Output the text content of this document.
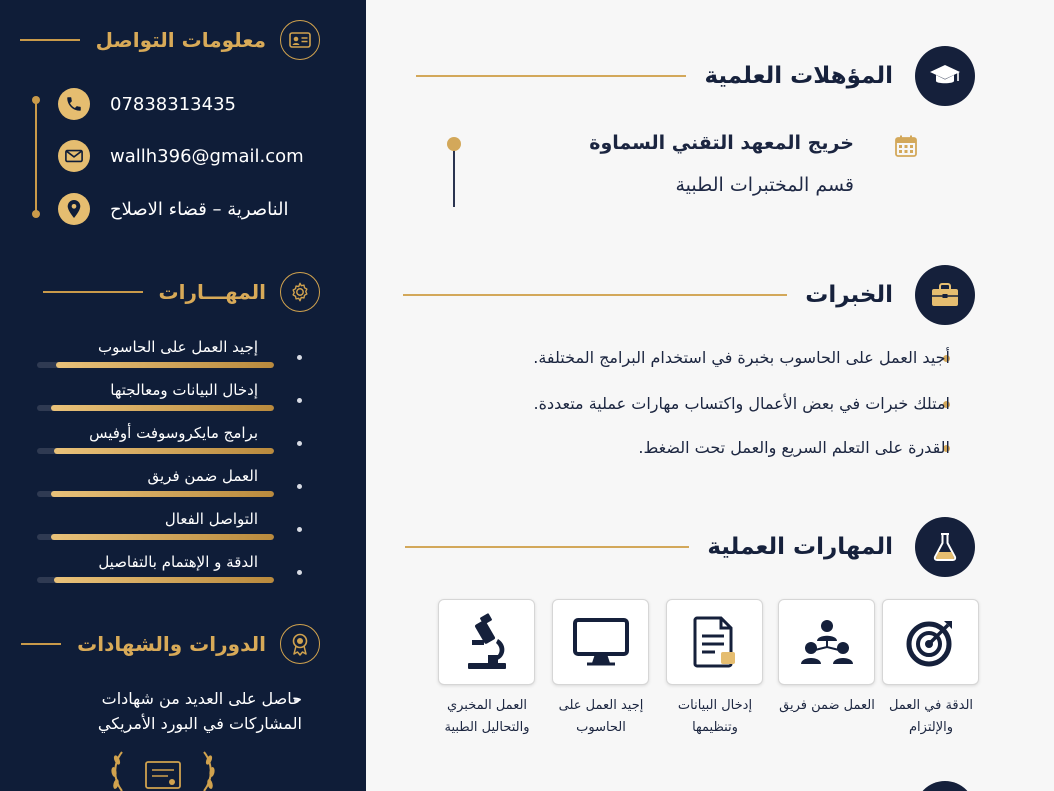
معلومات التواصل
07838313435
wallh396@gmail.com
الناصرية – قضاء الاصلاح
المهـــارات
إجيد العمل على الحاسوب
إدخال البيانات ومعالجتها
برامج مايكروسوفت أوفيس
العمل ضمن فريق
التواصل الفعال
الدقة و الإهتمام بالتفاصيل
الدورات والشهادات
حاصل على العديد من شهادات المشاركات في البورد الأمريكي
المؤهلات العلمية
خريج المعهد التقني السماوة
قسم المختبرات الطبية
الخبرات
أجيد العمل على الحاسوب بخبرة في استخدام البرامج المختلفة.
امتلك خبرات في بعض الأعمال واكتساب مهارات عملية متعددة.
القدرة على التعلم السريع والعمل تحت الضغط.
المهارات العملية
الدقة في العمل والإلتزام
العمل ضمن فريق
إدخال البيانات وتنظيمها
إجيد العمل على الحاسوب
العمل المخبري والتحاليل الطبية
